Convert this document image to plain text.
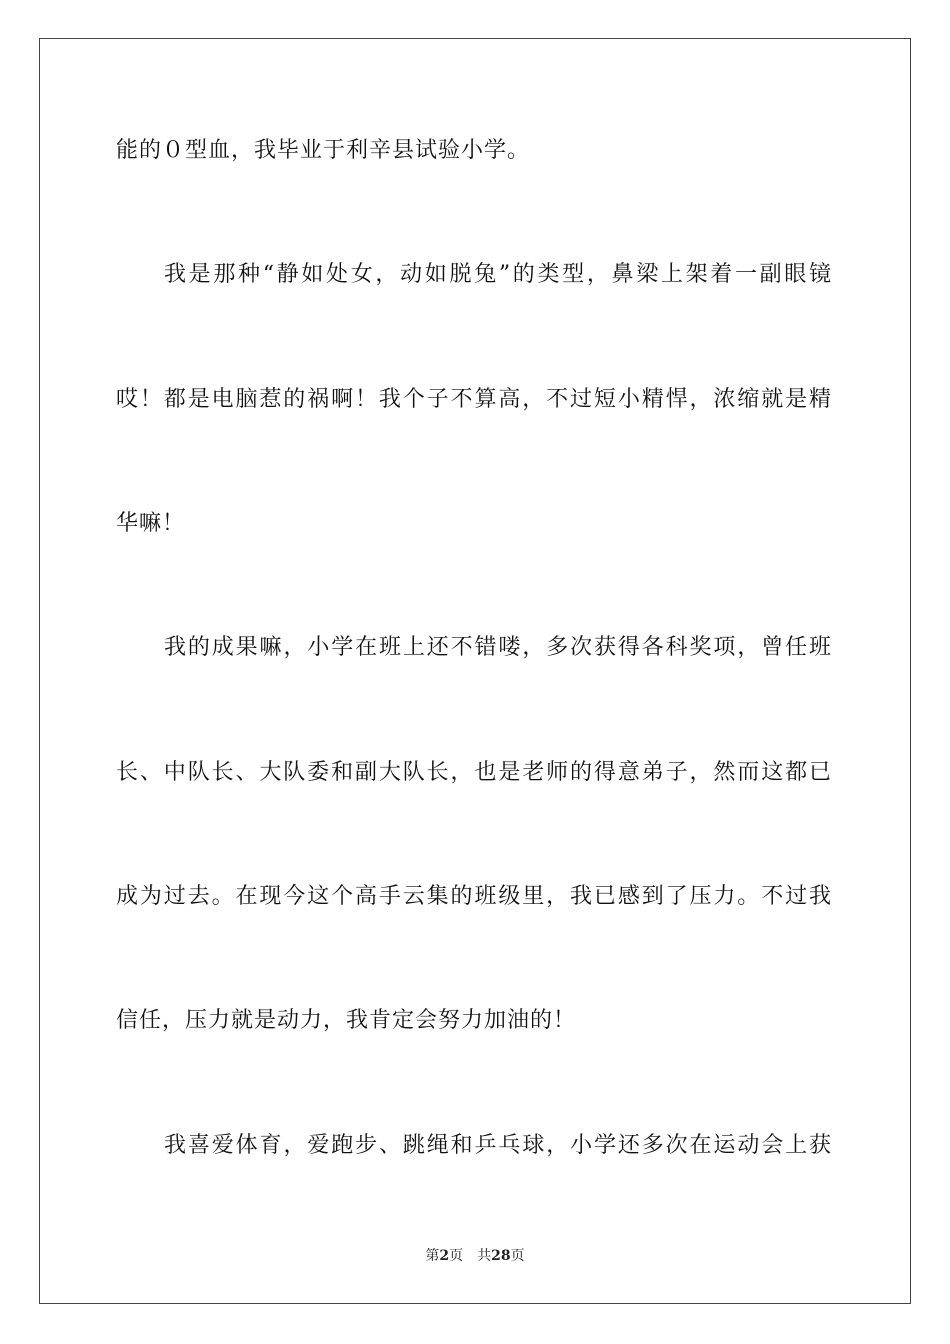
能的０型血，我毕业于利辛县试验小学。
我是那种“静如处女，动如脱兔”的类型，鼻梁上架着一副眼镜
哎！都是电脑惹的祸啊！我个子不算高，不过短小精悍，浓缩就是精
华嘛！
我的成果嘛，小学在班上还不错喽，多次获得各科奖项，曾任班
长、中队长、大队委和副大队长，也是老师的得意弟子，然而这都已
成为过去。在现今这个高手云集的班级里，我已感到了压力。不过我
信任，压力就是动力，我肯定会努力加油的！
我喜爱体育，爱跑步、跳绳和乒乓球，小学还多次在运动会上获
第2页 共28页
